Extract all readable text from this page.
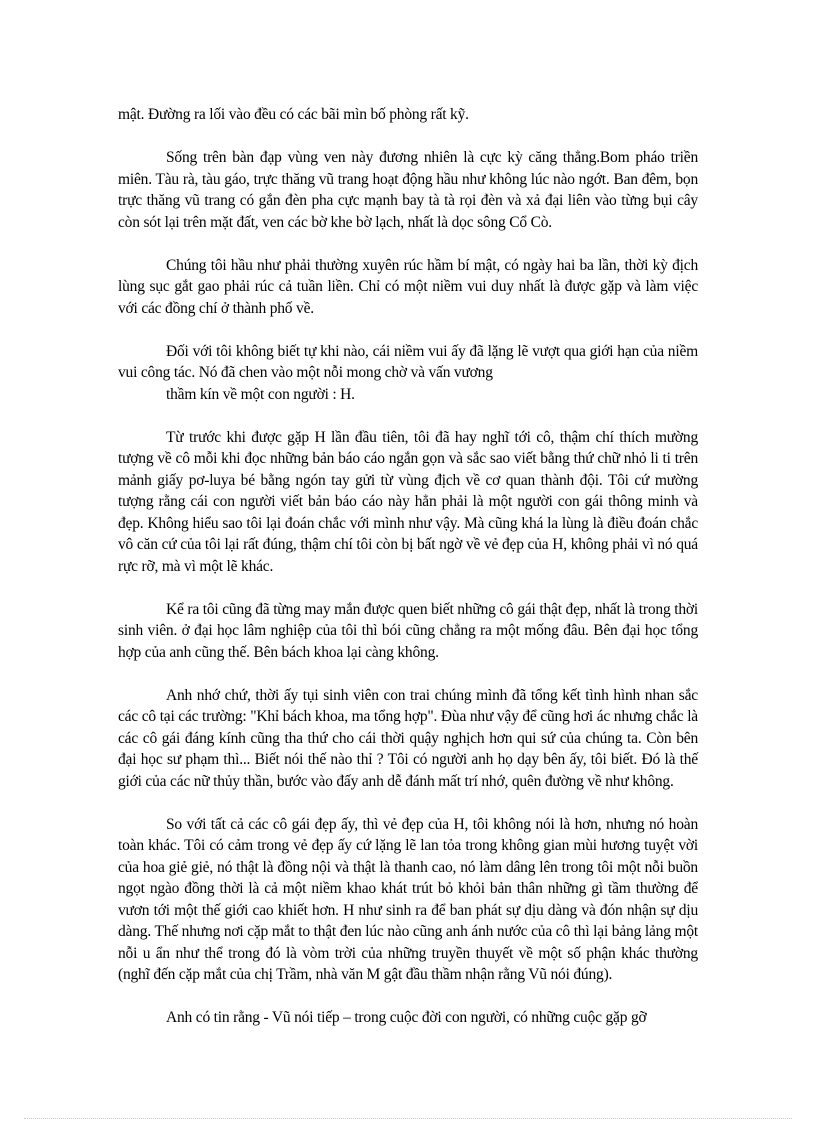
mật. Đường ra lối vào đều có các bãi mìn bố phòng rất kỹ.

Sống trên bàn đạp vùng ven này đương nhiên là cực kỳ căng thẳng.Bom pháo triền miên. Tàu rà, tàu gáo, trực thăng vũ trang hoạt động hầu như không lúc nào ngớt. Ban đêm, bọn trực thăng vũ trang có gắn đèn pha cực mạnh bay tà tà rọi đèn và xả đại liên vào từng bụi cây còn sót lại trên mặt đất, ven các bờ khe bờ lạch, nhất là dọc sông Cổ Cò.

Chúng tôi hầu như phải thường xuyên rúc hầm bí mật, có ngày hai ba lần, thời kỳ địch lùng sục gắt gao phải rúc cả tuần liền. Chỉ có một niềm vui duy nhất là được gặp và làm việc với các đồng chí ở thành phố về.

Đối với tôi không biết tự khi nào, cái niềm vui ấy đã lặng lẽ vượt qua giới hạn của niềm vui công tác. Nó đã chen vào một nỗi mong chờ và vấn vương

thầm kín về một con người : H.

Từ trước khi được gặp H lần đầu tiên, tôi đã hay nghĩ tới cô, thậm chí thích mường tượng về cô mỗi khi đọc những bản báo cáo ngắn gọn và sắc sao viết bằng thứ chữ nhỏ li ti trên mảnh giấy pơ-luya bé bằng ngón tay gửi từ vùng địch về cơ quan thành đội. Tôi cứ mường tượng rằng cái con người viết bản báo cáo này hẳn phải là một người con gái thông minh và đẹp. Không hiểu sao tôi lại đoán chắc với mình như vậy. Mà cũng khá la lùng là điều đoán chắc vô căn cứ của tôi lại rất đúng, thậm chí tôi còn bị bất ngờ về vẻ đẹp của H, không phải vì nó quá rực rỡ, mà vì một lẽ khác.

Kể ra tôi cũng đã từng may mắn được quen biết những cô gái thật đẹp, nhất là trong thời sinh viên. ở đại học lâm nghiệp của tôi thì bói cũng chẳng ra một mống đâu. Bên đại học tổng hợp của anh cũng thế. Bên bách khoa lại càng không.

Anh nhớ chứ, thời ấy tụi sinh viên con trai chúng mình đã tổng kết tình hình nhan sắc các cô tại các trường: "Khỉ bách khoa, ma tổng hợp". Đùa như vậy để cũng hơi ác nhưng chắc là các cô gái đáng kính cũng tha thứ cho cái thời quậy nghịch hơn qui sứ của chúng ta. Còn bên đại học sư phạm thì... Biết nói thế nào thỉ ? Tôi có người anh họ dạy bên ấy, tôi biết. Đó là thế giới của các nữ thủy thần, bước vào đấy anh dễ đánh mất trí nhớ, quên đường về như không.

So với tất cả các cô gái đẹp ấy, thì vẻ đẹp của H, tôi không nói là hơn, nhưng nó hoàn toàn khác. Tôi có cảm trong vẻ đẹp ấy cứ lặng lẽ lan tỏa trong không gian mùi hương tuyệt vời của hoa giẻ giẻ, nó thật là đồng nội và thật là thanh cao, nó làm dâng lên trong tôi một nỗi buồn ngọt ngào đồng thời là cả một niềm khao khát trút bỏ khỏi bản thân những gì tầm thường để vươn tới một thế giới cao khiết hơn. H như sinh ra để ban phát sự dịu dàng và đón nhận sự dịu dàng. Thế nhưng nơi cặp mắt to thật đen lúc nào cũng anh ánh nước của cô thì lại bảng lảng một nỗi u ẩn như thể trong đó là vòm trời của những truyền thuyết về một số phận khác thường (nghĩ đến cặp mắt của chị Trầm, nhà văn M gật đầu thầm nhận rằng Vũ nói đúng).

Anh có tin rằng - Vũ nói tiếp – trong cuộc đời con người, có những cuộc gặp gỡ
